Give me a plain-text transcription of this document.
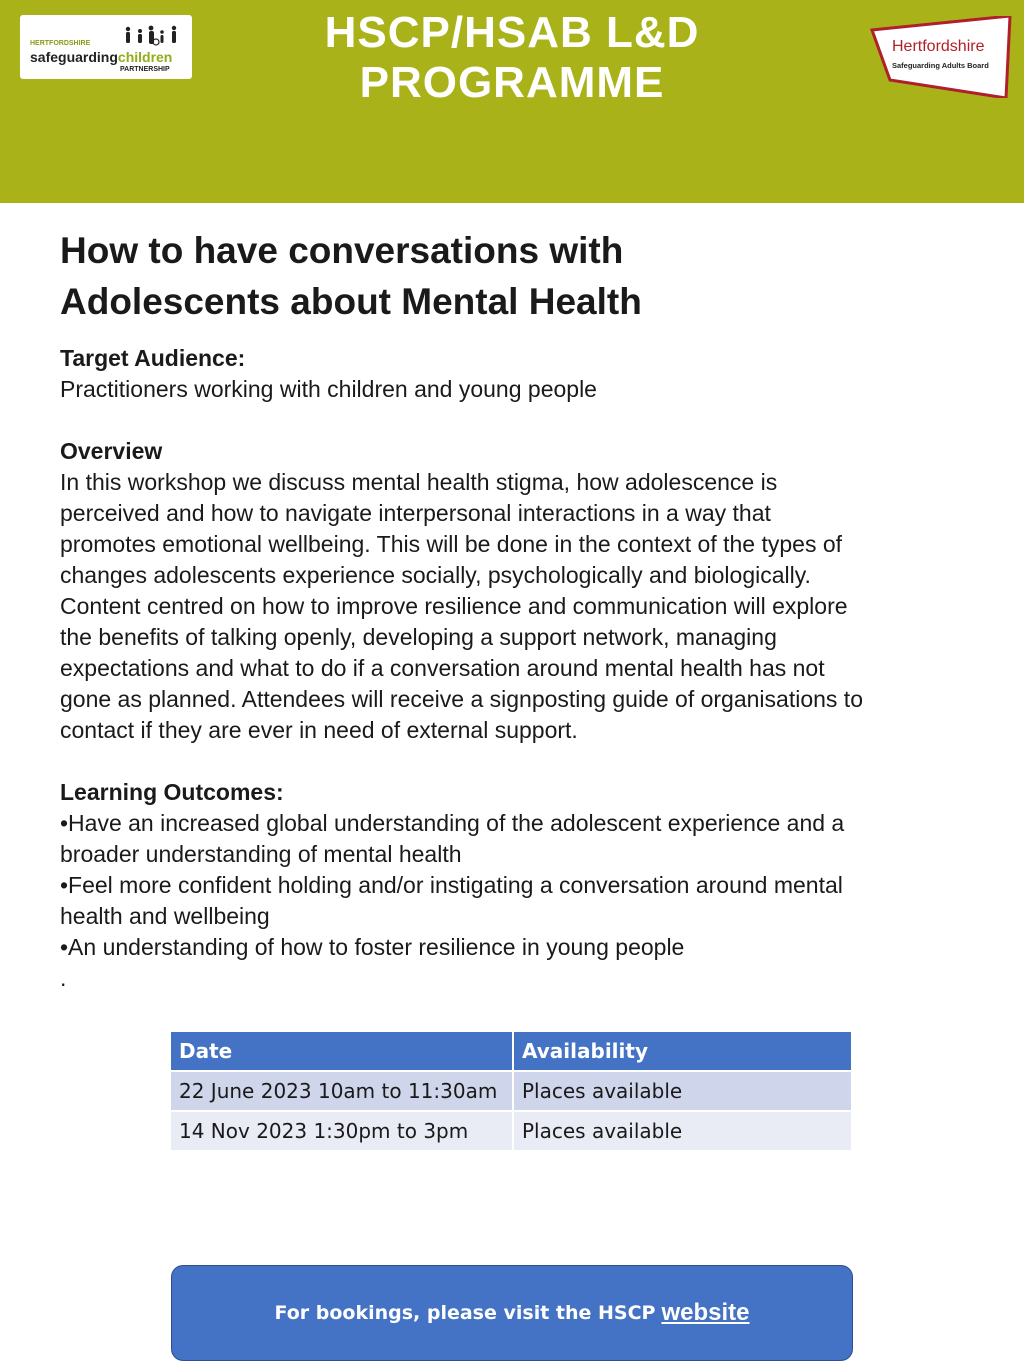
HERTFORDSHIRE
safeguardingchildren
PARTNERSHIP
HSCP/HSAB L&D
PROGRAMME
Hertfordshire
Safeguarding Adults Board
How to have conversations with
Adolescents about Mental Health

Target Audience:

Practitioners working with children and young people

Overview

In this workshop we discuss mental health stigma, how adolescence is

perceived and how to navigate interpersonal interactions in a way that

promotes emotional wellbeing. This will be done in the context of the types of

changes adolescents experience socially, psychologically and biologically.

Content centred on how to improve resilience and communication will explore

the benefits of talking openly, developing a support network, managing

expectations and what to do if a conversation around mental health has not

gone as planned. Attendees will receive a signposting guide of organisations to

contact if they are ever in need of external support.

Learning Outcomes:

•Have an increased global understanding of the adolescent experience and a

broader understanding of mental health

•Feel more confident holding and/or instigating a conversation around mental

health and wellbeing

•An understanding of how to foster resilience in young people

.

Date	Availability
22 June 2023 10am to 11:30am	Places available
14 Nov 2023 1:30pm to 3pm	Places available
For bookings, please visit the HSCP website
